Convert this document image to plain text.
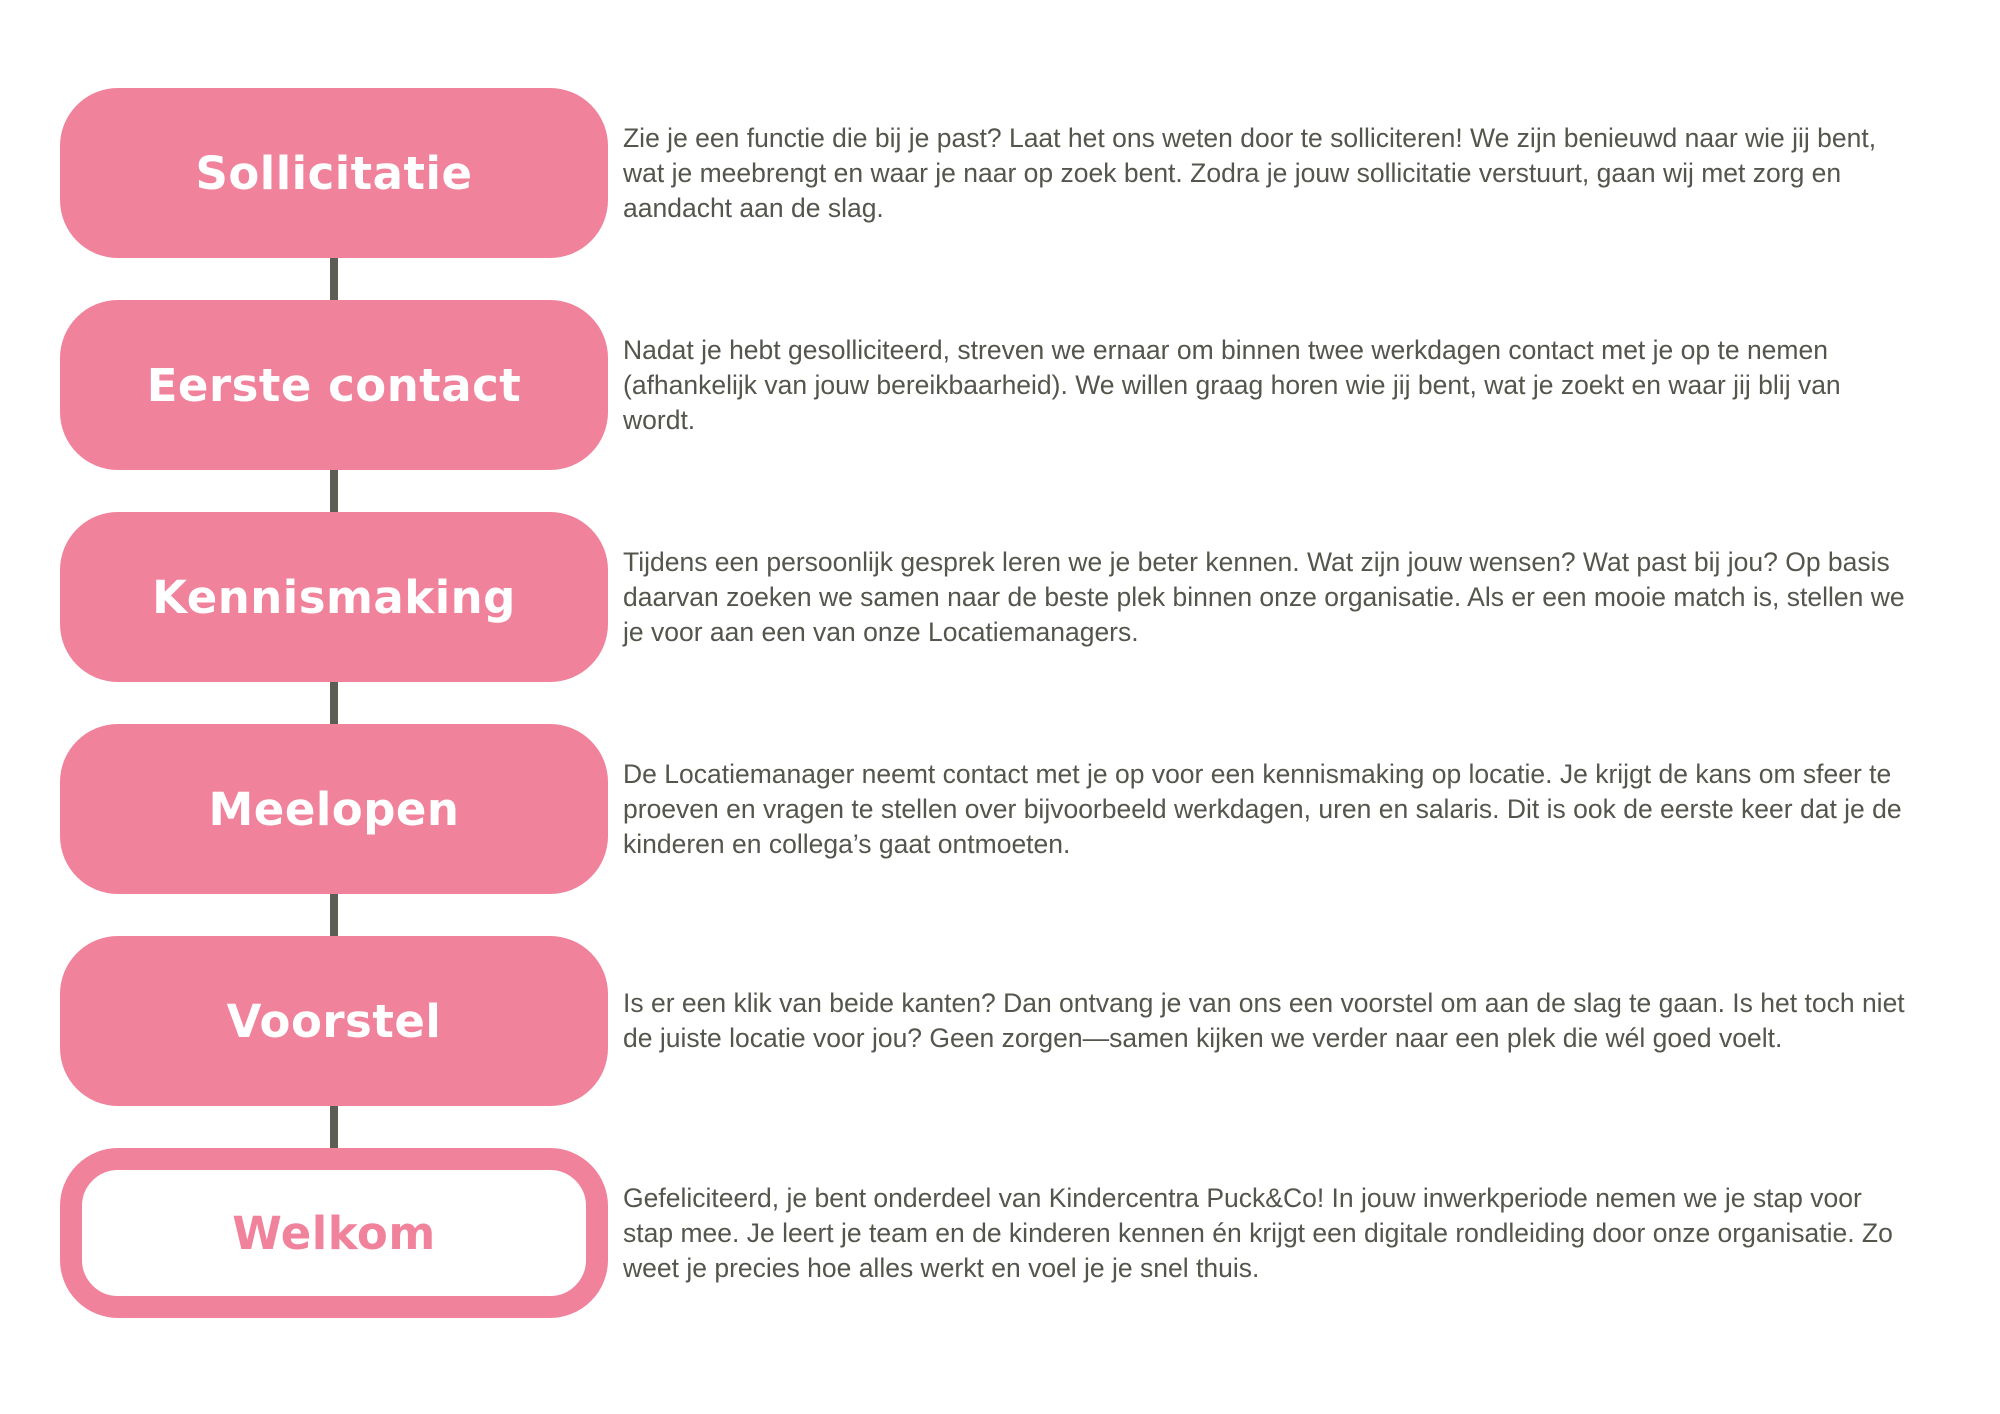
Sollicitatie

Zie je een functie die bij je past? Laat het ons weten door te solliciteren! We zijn benieuwd naar wie jij bent, wat je meebrengt en waar je naar op zoek bent. Zodra je jouw sollicitatie verstuurt, gaan wij met zorg en aandacht aan de slag.

Eerste contact

Nadat je hebt gesolliciteerd, streven we ernaar om binnen twee werkdagen contact met je op te nemen (afhankelijk van jouw bereikbaarheid). We willen graag horen wie jij bent, wat je zoekt en waar jij blij van wordt.

Kennismaking

Tijdens een persoonlijk gesprek leren we je beter kennen. Wat zijn jouw wensen? Wat past bij jou? Op basis daarvan zoeken we samen naar de beste plek binnen onze organisatie. Als er een mooie match is, stellen we je voor aan een van onze Locatiemanagers.

Meelopen

De Locatiemanager neemt contact met je op voor een kennismaking op locatie. Je krijgt de kans om sfeer te proeven en vragen te stellen over bijvoorbeeld werkdagen, uren en salaris. Dit is ook de eerste keer dat je de kinderen en collega’s gaat ontmoeten.

Voorstel	Is er een klik van beide kanten? Dan ontvang je van ons een voorstel om aan de slag te gaan. Is het toch niet de juiste locatie voor jou? Geen zorgen—samen kijken we verder naar een plek die wél goed voelt.

Welkom

Gefeliciteerd, je bent onderdeel van Kindercentra Puck&Co! In jouw inwerkperiode nemen we je stap voor stap mee. Je leert je team en de kinderen kennen én krijgt een digitale rondleiding door onze organisatie. Zo weet je precies hoe alles werkt en voel je je snel thuis.
